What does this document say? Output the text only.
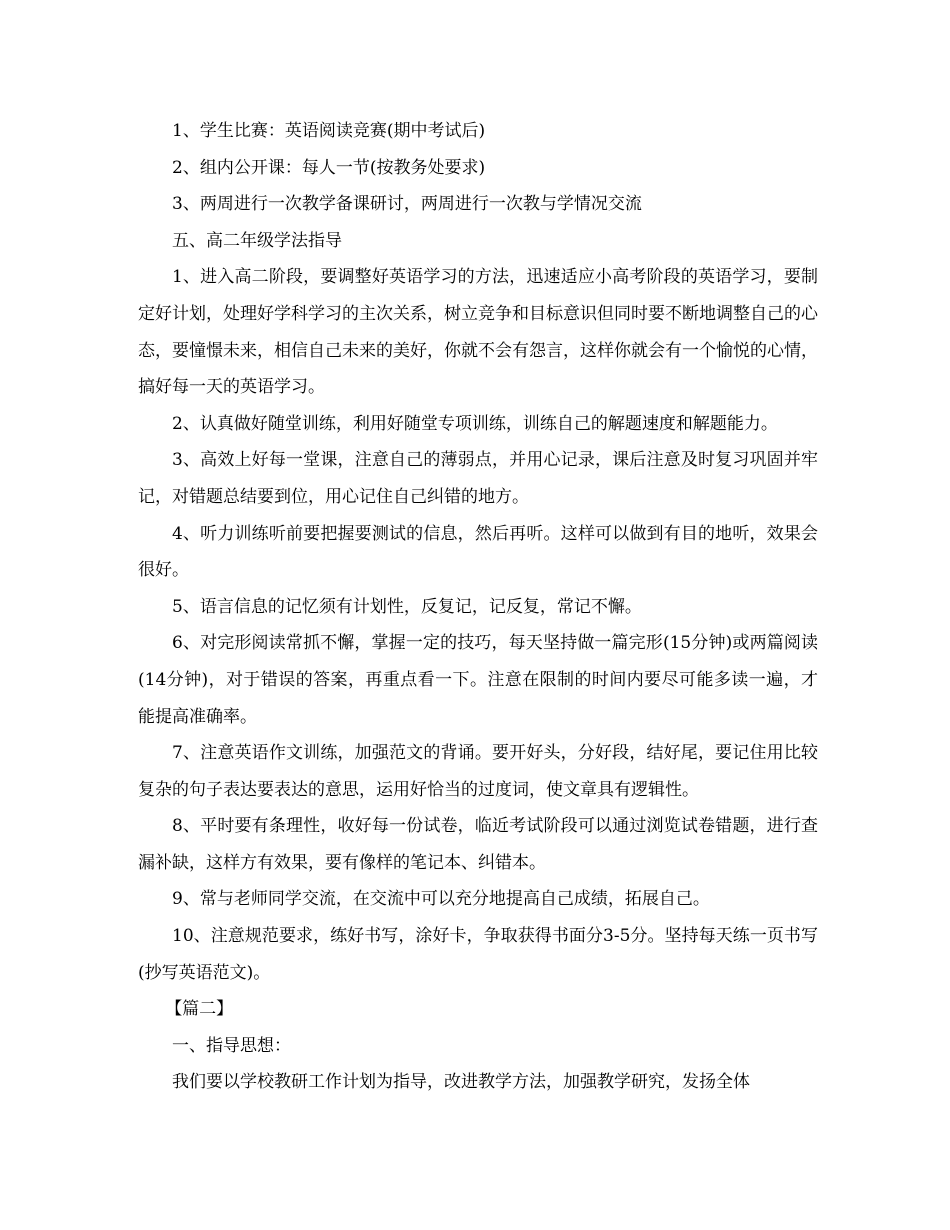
1、学生比赛：英语阅读竞赛(期中考试后)

2、组内公开课：每人一节(按教务处要求)

3、两周进行一次教学备课研讨，两周进行一次教与学情况交流

五、高二年级学法指导

1、进入高二阶段，要调整好英语学习的方法，迅速适应小高考阶段的英语学习，要制定好计划，处理好学科学习的主次关系，树立竞争和目标意识但同时要不断地调整自己的心态，要憧憬未来，相信自己未来的美好，你就不会有怨言，这样你就会有一个愉悦的心情，搞好每一天的英语学习。

2、认真做好随堂训练，利用好随堂专项训练，训练自己的解题速度和解题能力。

3、高效上好每一堂课，注意自己的薄弱点，并用心记录，课后注意及时复习巩固并牢记，对错题总结要到位，用心记住自己纠错的地方。

4、听力训练听前要把握要测试的信息，然后再听。这样可以做到有目的地听，效果会很好。

5、语言信息的记忆须有计划性，反复记，记反复，常记不懈。

6、对完形阅读常抓不懈，掌握一定的技巧，每天坚持做一篇完形(15分钟)或两篇阅读(14分钟)，对于错误的答案，再重点看一下。注意在限制的时间内要尽可能多读一遍，才能提高准确率。

7、注意英语作文训练，加强范文的背诵。要开好头，分好段，结好尾，要记住用比较复杂的句子表达要表达的意思，运用好恰当的过度词，使文章具有逻辑性。

8、平时要有条理性，收好每一份试卷，临近考试阶段可以通过浏览试卷错题，进行查漏补缺，这样方有效果，要有像样的笔记本、纠错本。

9、常与老师同学交流，在交流中可以充分地提高自己成绩，拓展自己。

10、注意规范要求，练好书写，涂好卡，争取获得书面分3-5分。坚持每天练一页书写(抄写英语范文)。

【篇二】

一、指导思想：

我们要以学校教研工作计划为指导，改进教学方法，加强教学研究，发扬全体
